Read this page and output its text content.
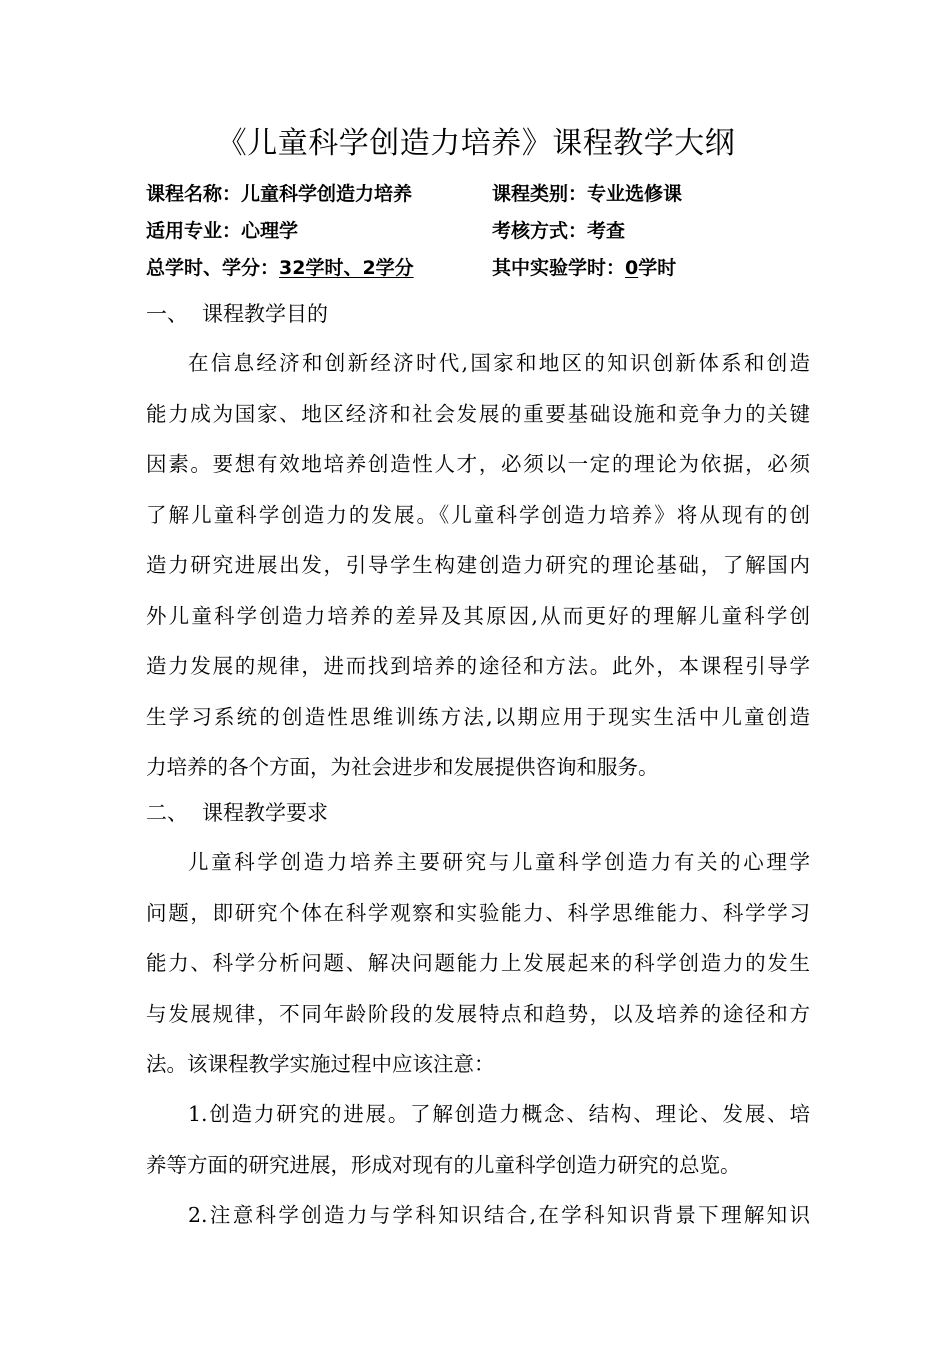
《儿童科学创造力培养》课程教学大纲
课程名称：儿童科学创造力培养	课程类别：专业选修课
适用专业：心理学	考核方式：考查
总学时、学分：32学时、2学分	其中实验学时：0学时
一、 课程教学目的
在信息经济和创新经济时代,国家和地区的知识创新体系和创造
能力成为国家、地区经济和社会发展的重要基础设施和竞争力的关键
因素。要想有效地培养创造性人才，必须以一定的理论为依据，必须
了解儿童科学创造力的发展。《儿童科学创造力培养》将从现有的创
造力研究进展出发，引导学生构建创造力研究的理论基础，了解国内
外儿童科学创造力培养的差异及其原因,从而更好的理解儿童科学创
造力发展的规律，进而找到培养的途径和方法。此外，本课程引导学
生学习系统的创造性思维训练方法,以期应用于现实生活中儿童创造
力培养的各个方面，为社会进步和发展提供咨询和服务。
二、 课程教学要求
儿童科学创造力培养主要研究与儿童科学创造力有关的心理学
问题，即研究个体在科学观察和实验能力、科学思维能力、科学学习
能力、科学分析问题、解决问题能力上发展起来的科学创造力的发生
与发展规律，不同年龄阶段的发展特点和趋势，以及培养的途径和方
法。该课程教学实施过程中应该注意：
1.创造力研究的进展。了解创造力概念、结构、理论、发展、培
养等方面的研究进展，形成对现有的儿童科学创造力研究的总览。
2.注意科学创造力与学科知识结合,在学科知识背景下理解知识
